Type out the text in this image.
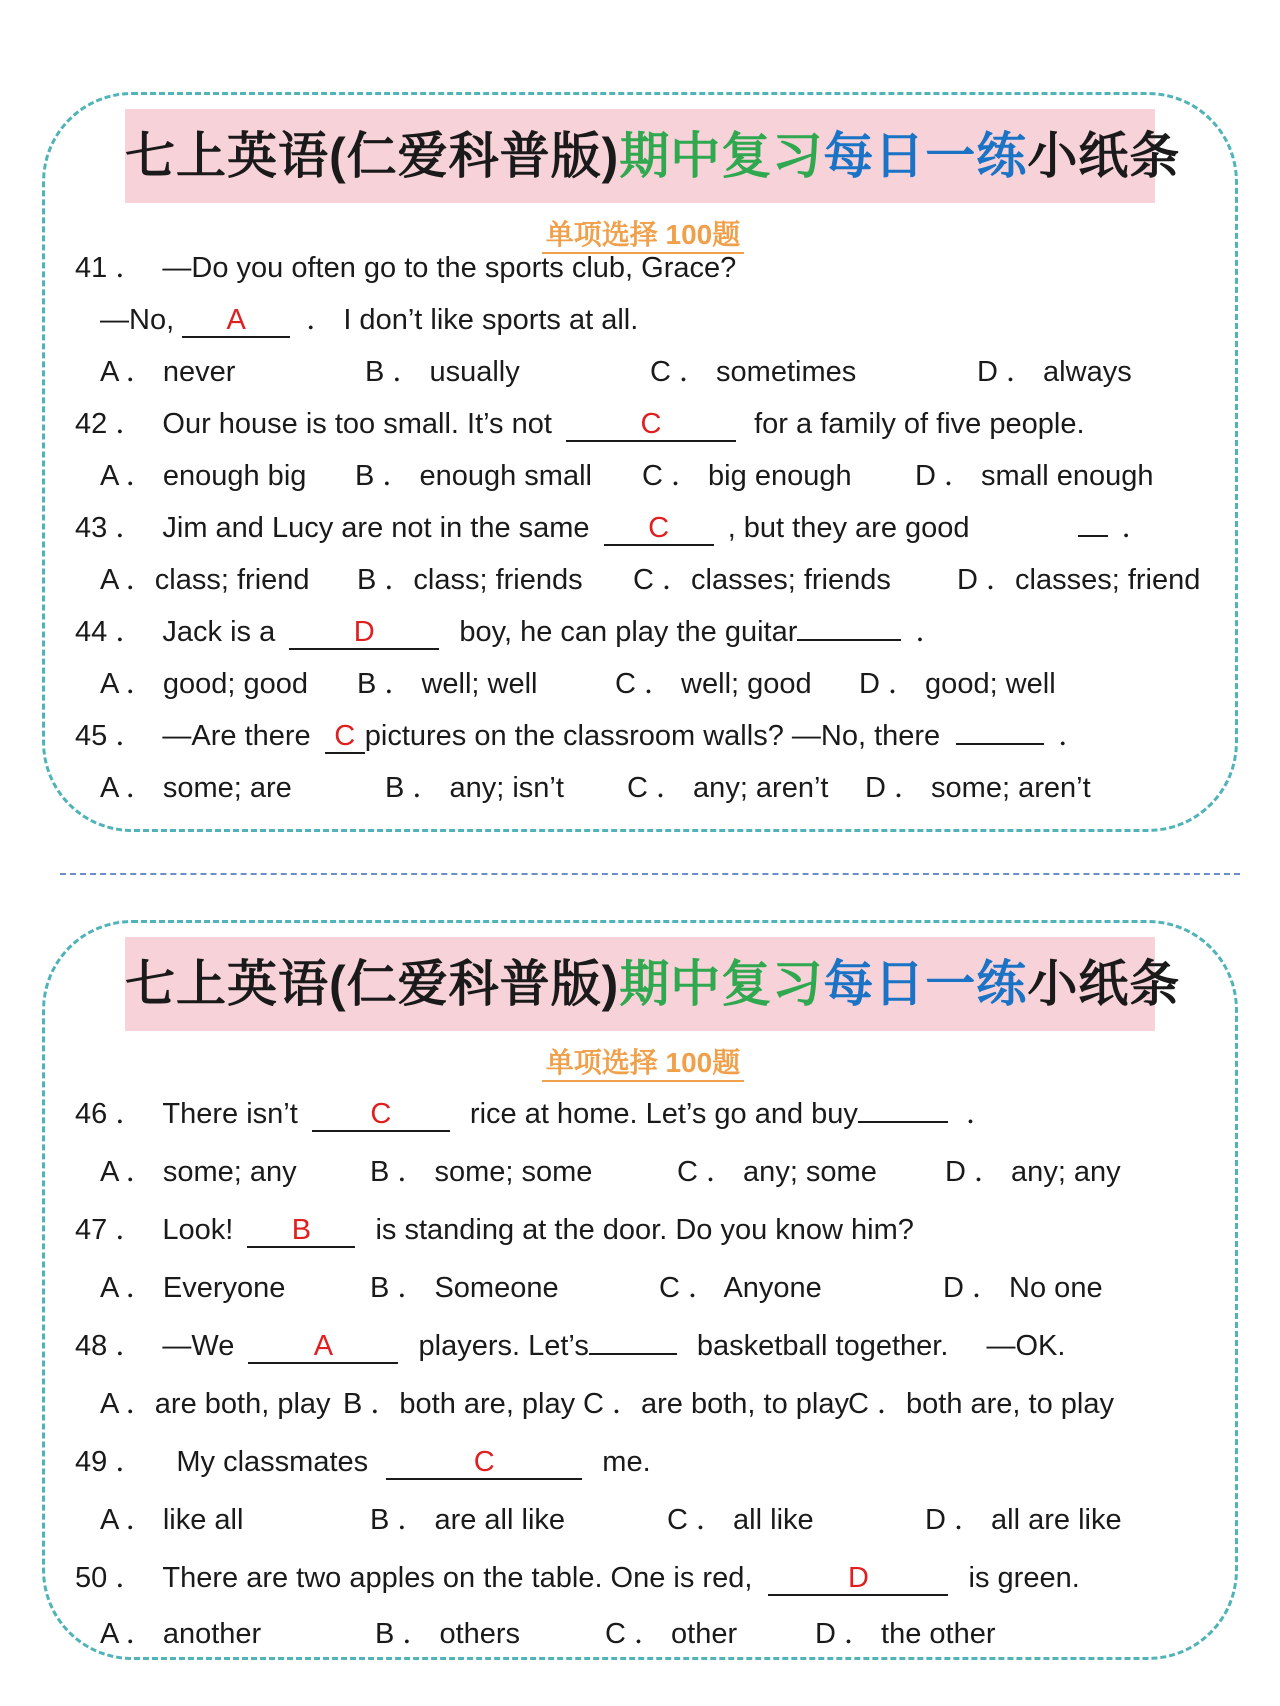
七上英语(仁爱科普版)期中复习每日一练小纸条
单项选择 100题
41 ． —Do you often go to the sports club, Grace?
—No, A ． I don’t like sports at all.
A ． never	B ． usually	C ． sometimes	D ． always
42 ． Our house is too small. It’s not	C	for a family of five people.
A ． enough big B ． enough small C ． big enough D ． small enough
43 ． Jim and Lucy are not in the same C , but they are good	．
A ．class; friend B ．class; friends C ．classes; friends D ．classes; friend
44 ． Jack is a	D	boy, he can play the guitar	．
A ． good; good B ． well; well	C ． well; good D ． good; well
45 ． —Are there C pictures on the classroom walls? —No, there	．
A ． some; are	B ． any; isn’t C ． any; aren’t D ． some; aren’t
七上英语(仁爱科普版)期中复习每日一练小纸条
单项选择 100题
46 ． There isn’t	C	rice at home. Let’s go and buy	．
A ． some; any	B ． some; some	C ． any; some D ． any; any
47 ． Look! B is standing at the door. Do you know him?
A ． Everyone	B ． Someone	C ． Anyone	D ． No one
48 ． —We	A	players. Let’s	basketball together. —OK.
A ．are both, play B ．both are, play C ．are both, to play C ．both are, to play
49 ． My classmates	C	me.
A ． like all	B ． are all like	C ． all like	D ． all are like
50 ． There are two apples on the table. One is red,	D	is green.
A ． another	B ． others	C ． other	D ． the other
